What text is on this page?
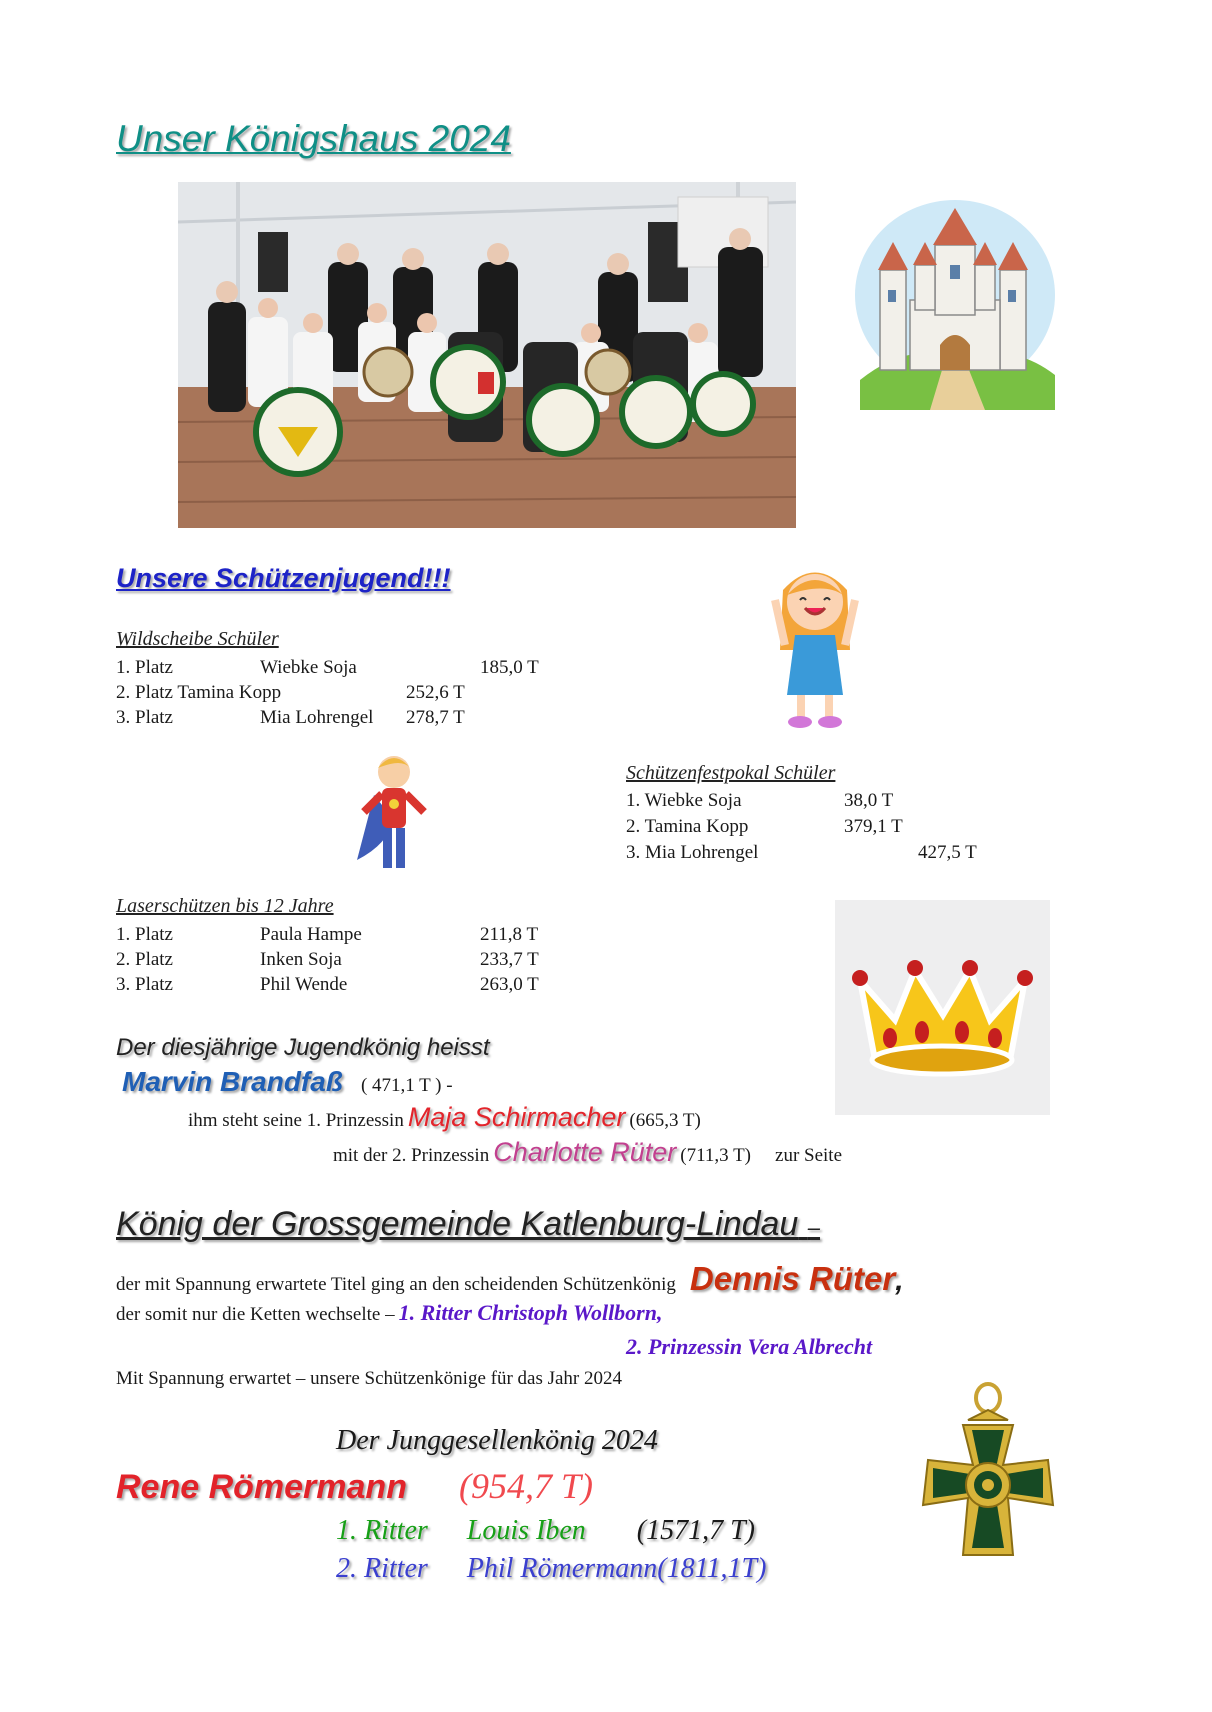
Unser Königshaus 2024
Unsere Schützenjugend!!!
Wildscheibe Schüler
1. Platz	Wiebke Soja	185,0 T
2. Platz Tamina Kopp	252,6 T
3. Platz	Mia Lohrengel 278,7 T
Schützenfestpokal Schüler
1. Wiebke Soja	38,0 T
2. Tamina Kopp	379,1 T
3. Mia Lohrengel	427,5 T
Laserschützen bis 12 Jahre
1. Platz	Paula Hampe	211,8 T
2. Platz	Inken Soja	233,7 T
3. Platz	Phil Wende	263,0 T
Der diesjährige Jugendkönig heisst
Marvin Brandfaß ( 471,1 T ) -
ihm steht seine 1. Prinzessin Maja Schirmacher (665,3 T)
mit der 2. Prinzessin Charlotte Rüter (711,3 T) zur Seite
König der Grossgemeinde Katlenburg-Lindau –
der mit Spannung erwartete Titel ging an den scheidenden Schützenkönig Dennis Rüter,
der somit nur die Ketten wechselte – 1. Ritter Christoph Wollborn,
2. Prinzessin Vera Albrecht
Mit Spannung erwartet – unsere Schützenkönige für das Jahr 2024
Der Junggesellenkönig 2024
Rene Römermann (954,7 T)
1. Ritter Louis Iben (1571,7 T)
2. Ritter Phil Römermann(1811,1T)
